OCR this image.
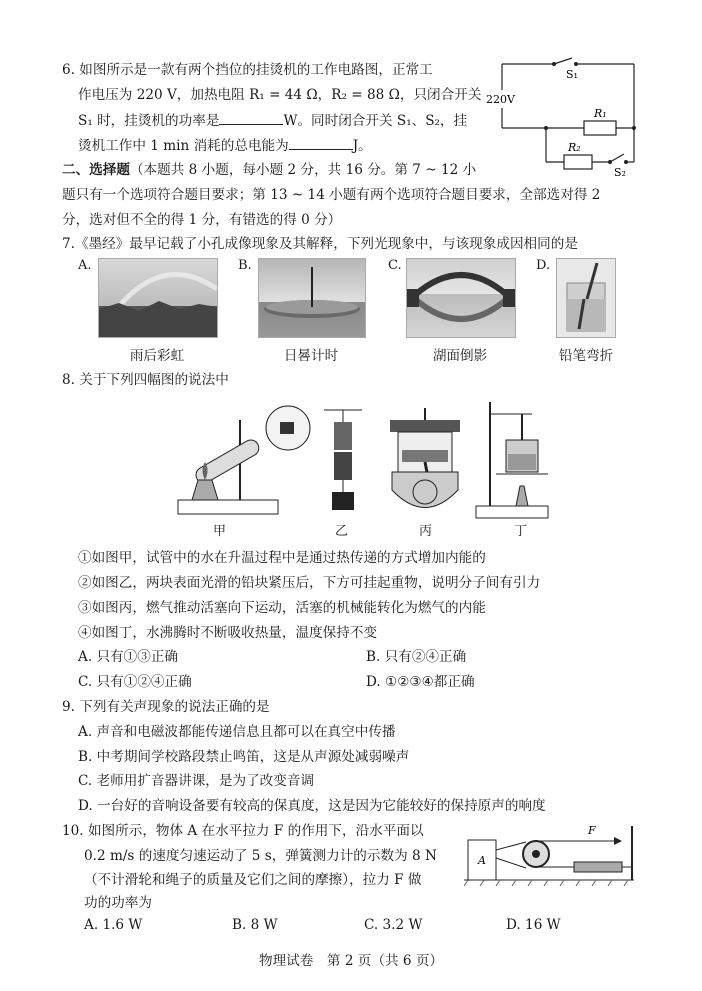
6. 如图所示是一款有两个挡位的挂烫机的工作电路图，正常工
作电压为 220 V，加热电阻 R₁ = 44 Ω，R₂ = 88 Ω，只闭合开关
S₁ 时，挂烫机的功率是	W。同时闭合开关 S₁、S₂，挂
烫机工作中 1 min 消耗的总电能为	J。
220V
S₁
R₁
R₂
S₂
二、选择题（本题共 8 小题，每小题 2 分，共 16 分。第 7 ~ 12 小
题只有一个选项符合题目要求；第 13 ~ 14 小题有两个选项符合题目要求，全部选对得 2
分，选对但不全的得 1 分，有错选的得 0 分）
7.《墨经》最早记载了小孔成像现象及其解释，下列光现象中，与该现象成因相同的是
A.	B.	C.	D.
雨后彩虹	日晷计时	湖面倒影	铅笔弯折
8. 关于下列四幅图的说法中
甲	乙	丙	丁
①如图甲，试管中的水在升温过程中是通过热传递的方式增加内能的
②如图乙，两块表面光滑的铅块紧压后，下方可挂起重物，说明分子间有引力
③如图丙，燃气推动活塞向下运动，活塞的机械能转化为燃气的内能
④如图丁，水沸腾时不断吸收热量，温度保持不变
A. 只有①③正确	B. 只有②④正确
C. 只有①②④正确	D. ①②③④都正确
9. 下列有关声现象的说法正确的是
A. 声音和电磁波都能传递信息且都可以在真空中传播
B. 中考期间学校路段禁止鸣笛，这是从声源处减弱噪声
C. 老师用扩音器讲课，是为了改变音调
D. 一台好的音响设备要有较高的保真度，这是因为它能较好的保持原声的响度
10. 如图所示，物体 A 在水平拉力 F 的作用下，沿水平面以
0.2 m/s 的速度匀速运动了 5 s，弹簧测力计的示数为 8 N
（不计滑轮和绳子的质量及它们之间的摩擦），拉力 F 做
功的功率为
A
F
A. 1.6 W	B. 8 W	C. 3.2 W	D. 16 W
物理试卷　第 2 页（共 6 页）
